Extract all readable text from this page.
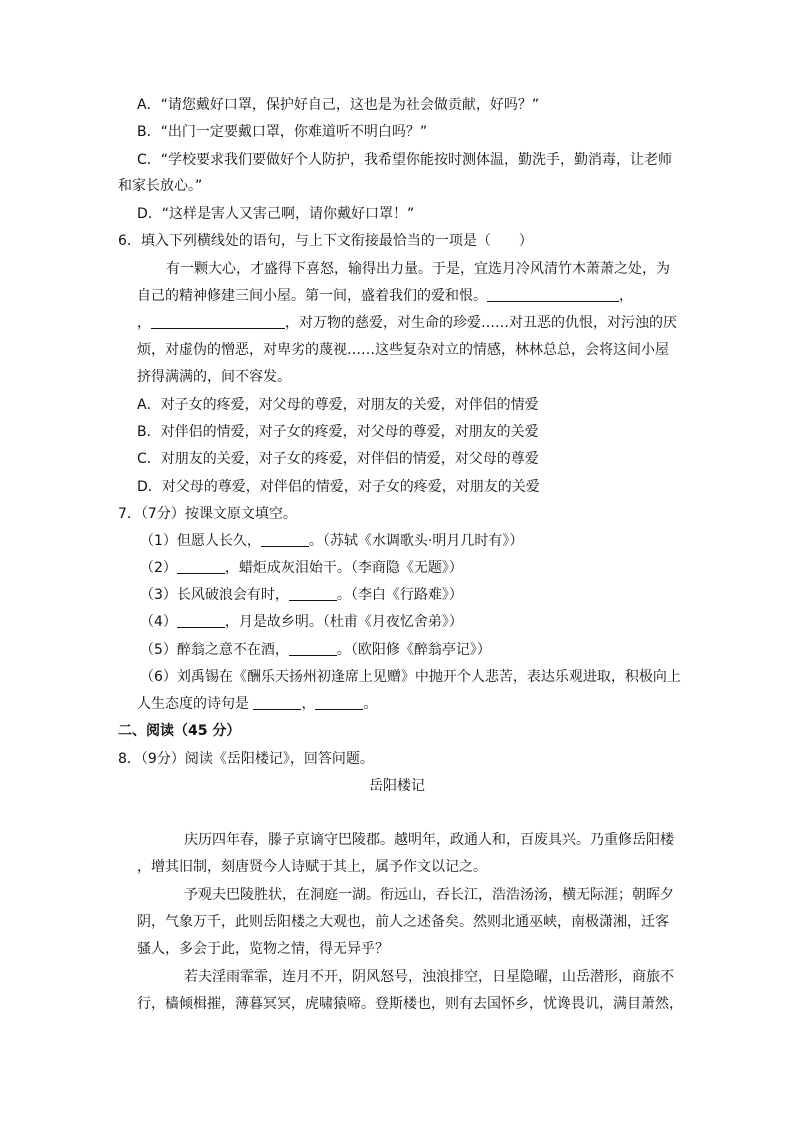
A．“请您戴好口罩，保护好自己，这也是为社会做贡献，好吗？”
B．“出门一定要戴口罩，你难道听不明白吗？”
C．“学校要求我们要做好个人防护，我希望你能按时测体温，勤洗手，勤消毒，让老师
和家长放心。”
D．“这样是害人又害己啊，请你戴好口罩！”
6．填入下列横线处的语句，与上下文衔接最恰当的一项是（　　）
有一颗大心，才盛得下喜怒，输得出力量。于是，宜选月冷风清竹木萧萧之处，为
自己的精神修建三间小屋。第一间，盛着我们的爱和恨。	，
，	，对万物的慈爱，对生命的珍爱……对丑恶的仇恨，对污浊的厌
烦，对虚伪的憎恶，对卑劣的蔑视……这些复杂对立的情感，林林总总，会将这间小屋
挤得满满的，间不容发。
A．对子女的疼爱，对父母的尊爱，对朋友的关爱，对伴侣的情爱
B．对伴侣的情爱，对子女的疼爱，对父母的尊爱，对朋友的关爱
C．对朋友的关爱，对子女的疼爱，对伴侣的情爱，对父母的尊爱
D．对父母的尊爱，对伴侣的情爱，对子女的疼爱，对朋友的关爱
7．（7分）按课文原文填空。
（1）但愿人长久，	。（苏轼《水调歌头·明月几时有》）
（2）	，蜡炬成灰泪始干。（李商隐《无题》）
（3）长风破浪会有时，	。（李白《行路难》）
（4）	，月是故乡明。（杜甫《月夜忆舍弟》）
（5）醉翁之意不在酒，	。（欧阳修《醉翁亭记》）
（6）刘禹锡在《酬乐天扬州初逢席上见赠》中抛开个人悲苦，表达乐观进取，积极向上
人生态度的诗句是	，	。
二、阅读（45 分）
8．（9分）阅读《岳阳楼记》，回答问题。
岳阳楼记
庆历四年春，滕子京谪守巴陵郡。越明年，政通人和，百废具兴。乃重修岳阳楼
，增其旧制，刻唐贤今人诗赋于其上，属予作文以记之。
予观夫巴陵胜状，在洞庭一湖。衔远山，吞长江，浩浩汤汤，横无际涯；朝晖夕
阴，气象万千，此则岳阳楼之大观也，前人之述备矣。然则北通巫峡，南极潇湘，迁客
骚人，多会于此，览物之情，得无异乎？
若夫淫雨霏霏，连月不开，阴风怒号，浊浪排空，日星隐曜，山岳潜形，商旅不
行，樯倾楫摧，薄暮冥冥，虎啸猿啼。登斯楼也，则有去国怀乡，忧谗畏讥，满目萧然，
